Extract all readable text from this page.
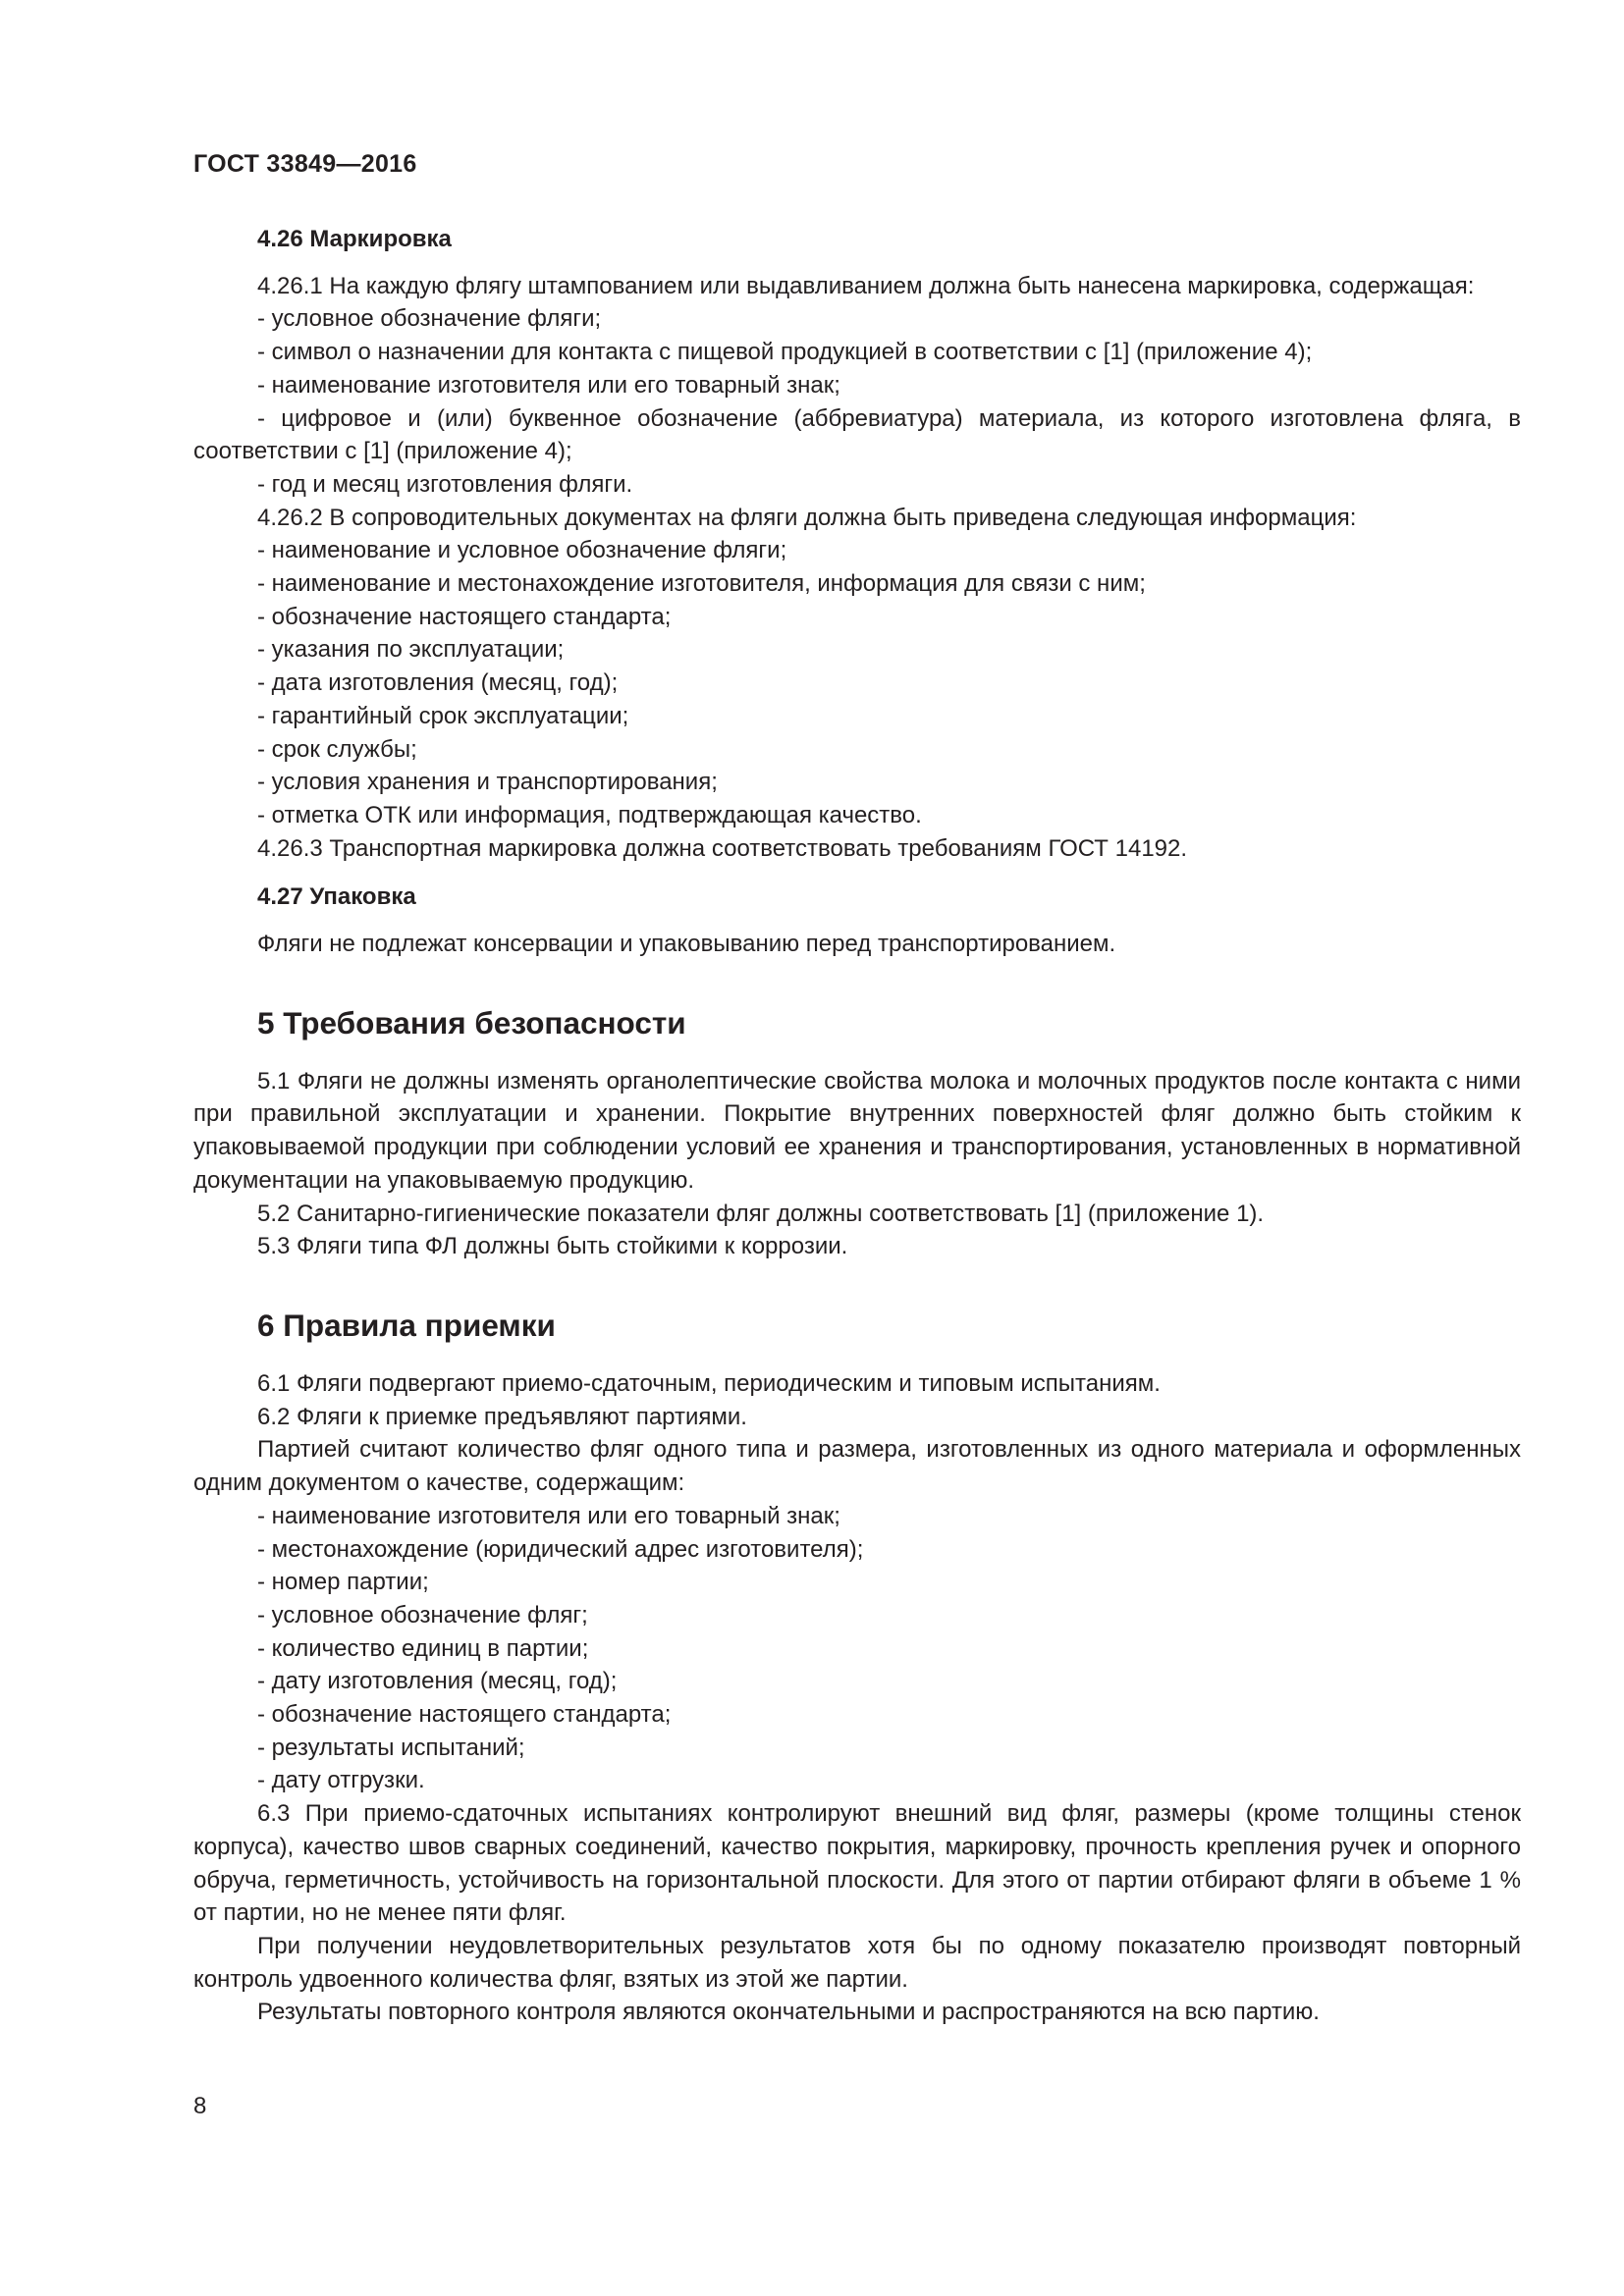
ГОСТ 33849—2016

4.26 Маркировка

4.26.1 На каждую флягу штампованием или выдавливанием должна быть нанесена маркировка, содержащая:

- условное обозначение фляги;

- символ о назначении для контакта с пищевой продукцией в соответствии с [1] (приложение 4);

- наименование изготовителя или его товарный знак;

- цифровое и (или) буквенное обозначение (аббревиатура) материала, из которого изготовлена фляга, в соответствии с [1] (приложение 4);

- год и месяц изготовления фляги.

4.26.2 В сопроводительных документах на фляги должна быть приведена следующая информация:

- наименование и условное обозначение фляги;

- наименование и местонахождение изготовителя, информация для связи с ним;

- обозначение настоящего стандарта;

- указания по эксплуатации;

- дата изготовления (месяц, год);

- гарантийный срок эксплуатации;

- срок службы;

- условия хранения и транспортирования;

- отметка ОТК или информация, подтверждающая качество.

4.26.3 Транспортная маркировка должна соответствовать требованиям ГОСТ 14192.

4.27 Упаковка

Фляги не подлежат консервации и упаковыванию перед транспортированием.

5 Требования безопасности

5.1 Фляги не должны изменять органолептические свойства молока и молочных продуктов после контакта с ними при правильной эксплуатации и хранении. Покрытие внутренних поверхностей фляг должно быть стойким к упаковываемой продукции при соблюдении условий ее хранения и транспортирования, установленных в нормативной документации на упаковываемую продукцию.

5.2 Санитарно-гигиенические показатели фляг должны соответствовать [1] (приложение 1).

5.3 Фляги типа ФЛ должны быть стойкими к коррозии.

6 Правила приемки

6.1 Фляги подвергают приемо-сдаточным, периодическим и типовым испытаниям.

6.2 Фляги к приемке предъявляют партиями.

Партией считают количество фляг одного типа и размера, изготовленных из одного материала и оформленных одним документом о качестве, содержащим:

- наименование изготовителя или его товарный знак;

- местонахождение (юридический адрес изготовителя);

- номер партии;

- условное обозначение фляг;

- количество единиц в партии;

- дату изготовления (месяц, год);

- обозначение настоящего стандарта;

- результаты испытаний;

- дату отгрузки.

6.3 При приемо-сдаточных испытаниях контролируют внешний вид фляг, размеры (кроме толщины стенок корпуса), качество швов сварных соединений, качество покрытия, маркировку, прочность крепления ручек и опорного обруча, герметичность, устойчивость на горизонтальной плоскости. Для этого от партии отбирают фляги в объеме 1 % от партии, но не менее пяти фляг.

При получении неудовлетворительных результатов хотя бы по одному показателю производят повторный контроль удвоенного количества фляг, взятых из этой же партии.

Результаты повторного контроля являются окончательными и распространяются на всю партию.

8
